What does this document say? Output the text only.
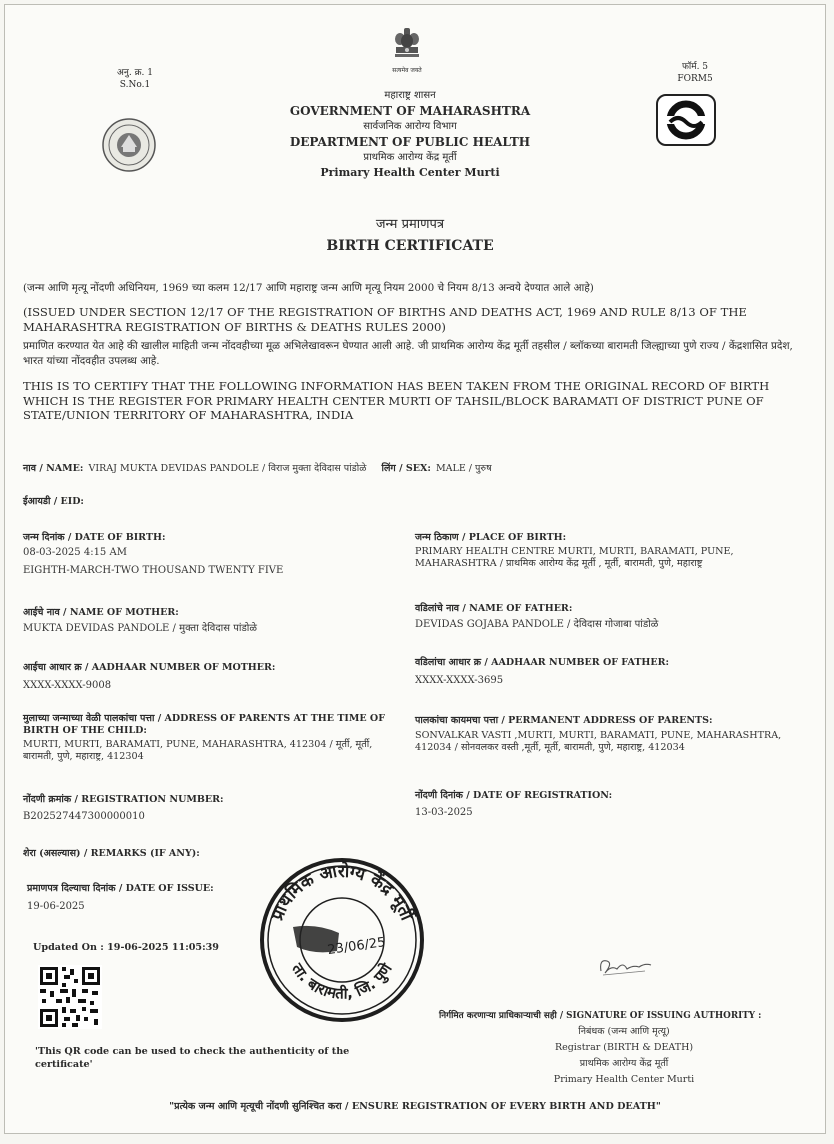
अनु. क्र. 1
S.No.1
सत्यमेव जयते	फॉर्म. 5
FORM5
महाराष्ट्र शासन
GOVERNMENT OF MAHARASHTRA
सार्वजनिक आरोग्य विभाग
DEPARTMENT OF PUBLIC HEALTH
प्राथमिक आरोग्य केंद्र मूर्ती
Primary Health Center Murti
जन्म प्रमाणपत्र
BIRTH CERTIFICATE
(जन्म आणि मृत्यू नोंदणी अधिनियम, 1969 च्या कलम 12/17 आणि महाराष्ट्र जन्म आणि मृत्यू नियम 2000 चे नियम 8/13 अन्वये देण्यात आले आहे)
(ISSUED UNDER SECTION 12/17 OF THE REGISTRATION OF BIRTHS AND DEATHS ACT, 1969 AND RULE 8/13 OF THE MAHARASHTRA REGISTRATION OF BIRTHS & DEATHS RULES 2000)
प्रमाणित करण्यात येत आहे की खालील माहिती जन्म नोंदवहीच्या मूळ अभिलेखावरून घेण्यात आली आहे. जी प्राथमिक आरोग्य केंद्र मूर्ती तहसील / ब्लॉकच्या बारामती जिल्ह्याच्या पुणे राज्य / केंद्रशासित प्रदेश, भारत यांच्या नोंदवहीत उपलब्ध आहे.
THIS IS TO CERTIFY THAT THE FOLLOWING INFORMATION HAS BEEN TAKEN FROM THE ORIGINAL RECORD OF BIRTH WHICH IS THE REGISTER FOR PRIMARY HEALTH CENTER MURTI OF TAHSIL/BLOCK BARAMATI OF DISTRICT PUNE OF STATE/UNION TERRITORY OF MAHARASHTRA, INDIA
नाव / NAME: VIRAJ MUKTA DEVIDAS PANDOLE / विराज मुक्ता देविदास पांडोळे लिंग / SEX: MALE / पुरुष
ईआयडी / EID:
जन्म दिनांक / DATE OF BIRTH:
08-03-2025 4:15 AM
EIGHTH-MARCH-TWO THOUSAND TWENTY FIVE
जन्म ठिकाण / PLACE OF BIRTH:
PRIMARY HEALTH CENTRE MURTI, MURTI, BARAMATI, PUNE, MAHARASHTRA / प्राथमिक आरोग्य केंद्र मूर्ती , मूर्ती, बारामती, पुणे, महाराष्ट्र
आईचे नाव / NAME OF MOTHER:
MUKTA DEVIDAS PANDOLE / मुक्ता देविदास पांडोळे
वडिलांचे नाव / NAME OF FATHER:
DEVIDAS GOJABA PANDOLE / देविदास गोजाबा पांडोळे
आईचा आधार क्र / AADHAAR NUMBER OF MOTHER:
XXXX-XXXX-9008
वडिलांचा आधार क्र / AADHAAR NUMBER OF FATHER:
XXXX-XXXX-3695
मुलाच्या जन्माच्या वेळी पालकांचा पत्ता / ADDRESS OF PARENTS AT THE TIME OF BIRTH OF THE CHILD:
MURTI, MURTI, BARAMATI, PUNE, MAHARASHTRA, 412304 / मूर्ती, मूर्ती, बारामती, पुणे, महाराष्ट्र, 412304
पालकांचा कायमचा पत्ता / PERMANENT ADDRESS OF PARENTS:
SONVALKAR VASTI ,MURTI, MURTI, BARAMATI, PUNE, MAHARASHTRA, 412034 / सोनवलकर वस्ती ,मूर्ती, मूर्ती, बारामती, पुणे, महाराष्ट्र, 412034
नोंदणी क्रमांक / REGISTRATION NUMBER:
B202527447300000010
नोंदणी दिनांक / DATE OF REGISTRATION:
13-03-2025
शेरा (असल्यास) / REMARKS (IF ANY):
प्रमाणपत्र दिल्याचा दिनांक / DATE OF ISSUE:
19-06-2025
Updated On : 19-06-2025 11:05:39
'This QR code can be used to check the authenticity of the certificate'
प्राथमिक आरोग्य केंद्र मूर्ती
ता. बारामती, जि. पुणे
23/06/25
निर्गमित करणाऱ्या प्राधिकाऱ्याची सही / SIGNATURE OF ISSUING AUTHORITY :
निबंधक (जन्म आणि मृत्यू)
Registrar (BIRTH & DEATH)
प्राथमिक आरोग्य केंद्र मूर्ती
Primary Health Center Murti
"प्रत्येक जन्म आणि मृत्यूची नोंदणी सुनिश्चित करा / ENSURE REGISTRATION OF EVERY BIRTH AND DEATH"
